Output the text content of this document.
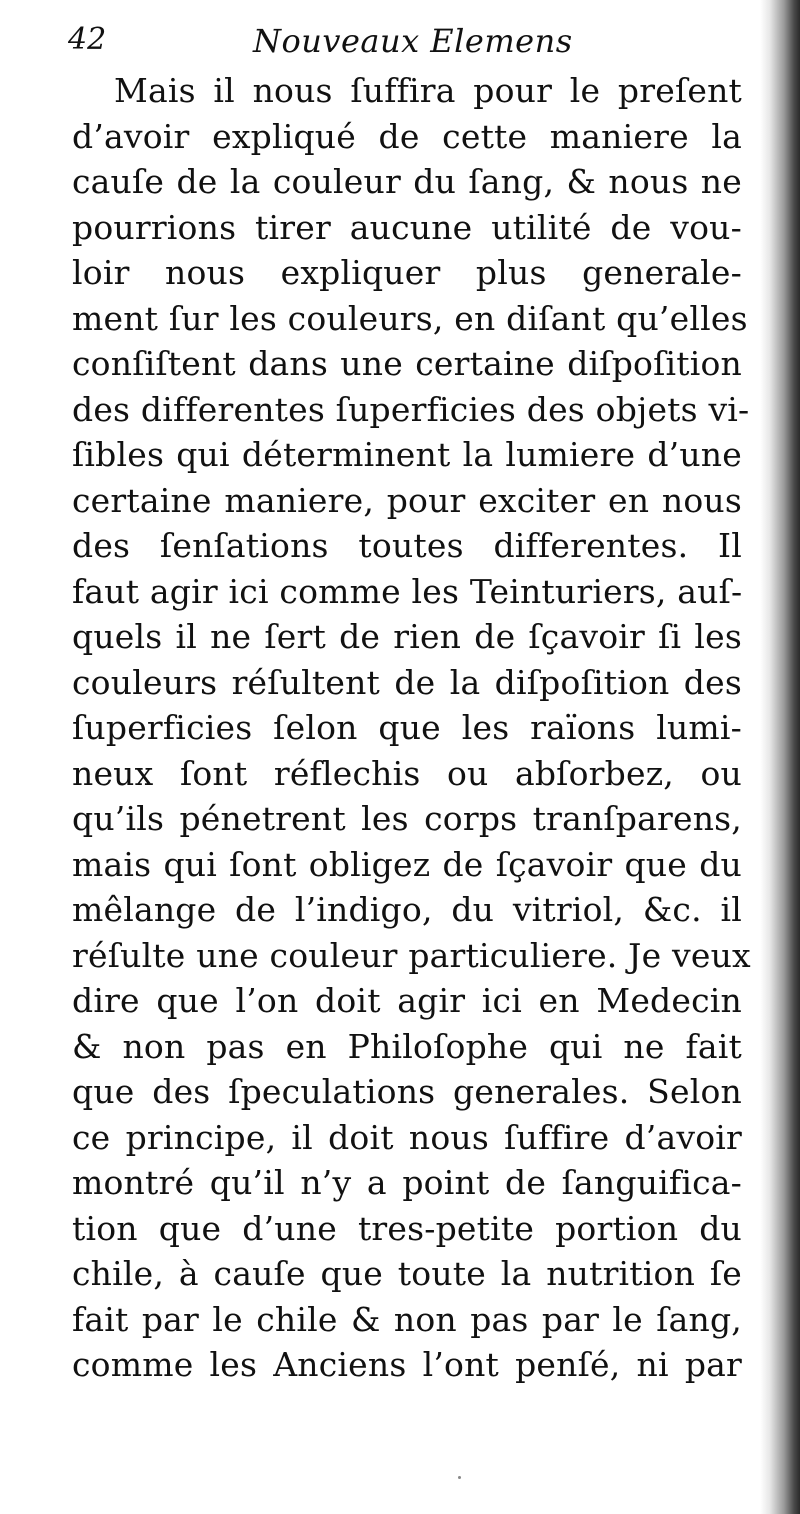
42	Nouveaux Elemens
Mais il nous ſuffira pour le preſent
d’avoir expliqué de cette maniere la
cauſe de la couleur du ſang, & nous ne
pourrions tirer aucune utilité de vou-
loir nous expliquer plus generale-
ment ſur les couleurs, en diſant qu’elles
conſiſtent dans une certaine diſpoſition
des differentes ſuperficies des objets vi-
ſibles qui déterminent la lumiere d’une
certaine maniere, pour exciter en nous
des ſenſations toutes differentes. Il
faut agir ici comme les Teinturiers, auſ-
quels il ne ſert de rien de ſçavoir ſi les
couleurs réſultent de la diſpoſition des
ſuperficies ſelon que les raïons lumi-
neux ſont réflechis ou abſorbez, ou
qu’ils pénetrent les corps tranſparens,
mais qui ſont obligez de ſçavoir que du
mêlange de l’indigo, du vitriol, &c. il
réſulte une couleur particuliere. Je veux
dire que l’on doit agir ici en Medecin
& non pas en Philoſophe qui ne fait
que des ſpeculations generales. Selon
ce principe, il doit nous ſuffire d’avoir
montré qu’il n’y a point de ſanguifica-
tion que d’une tres-petite portion du
chile, à cauſe que toute la nutrition ſe
fait par le chile & non pas par le ſang,
comme les Anciens l’ont penſé, ni par
